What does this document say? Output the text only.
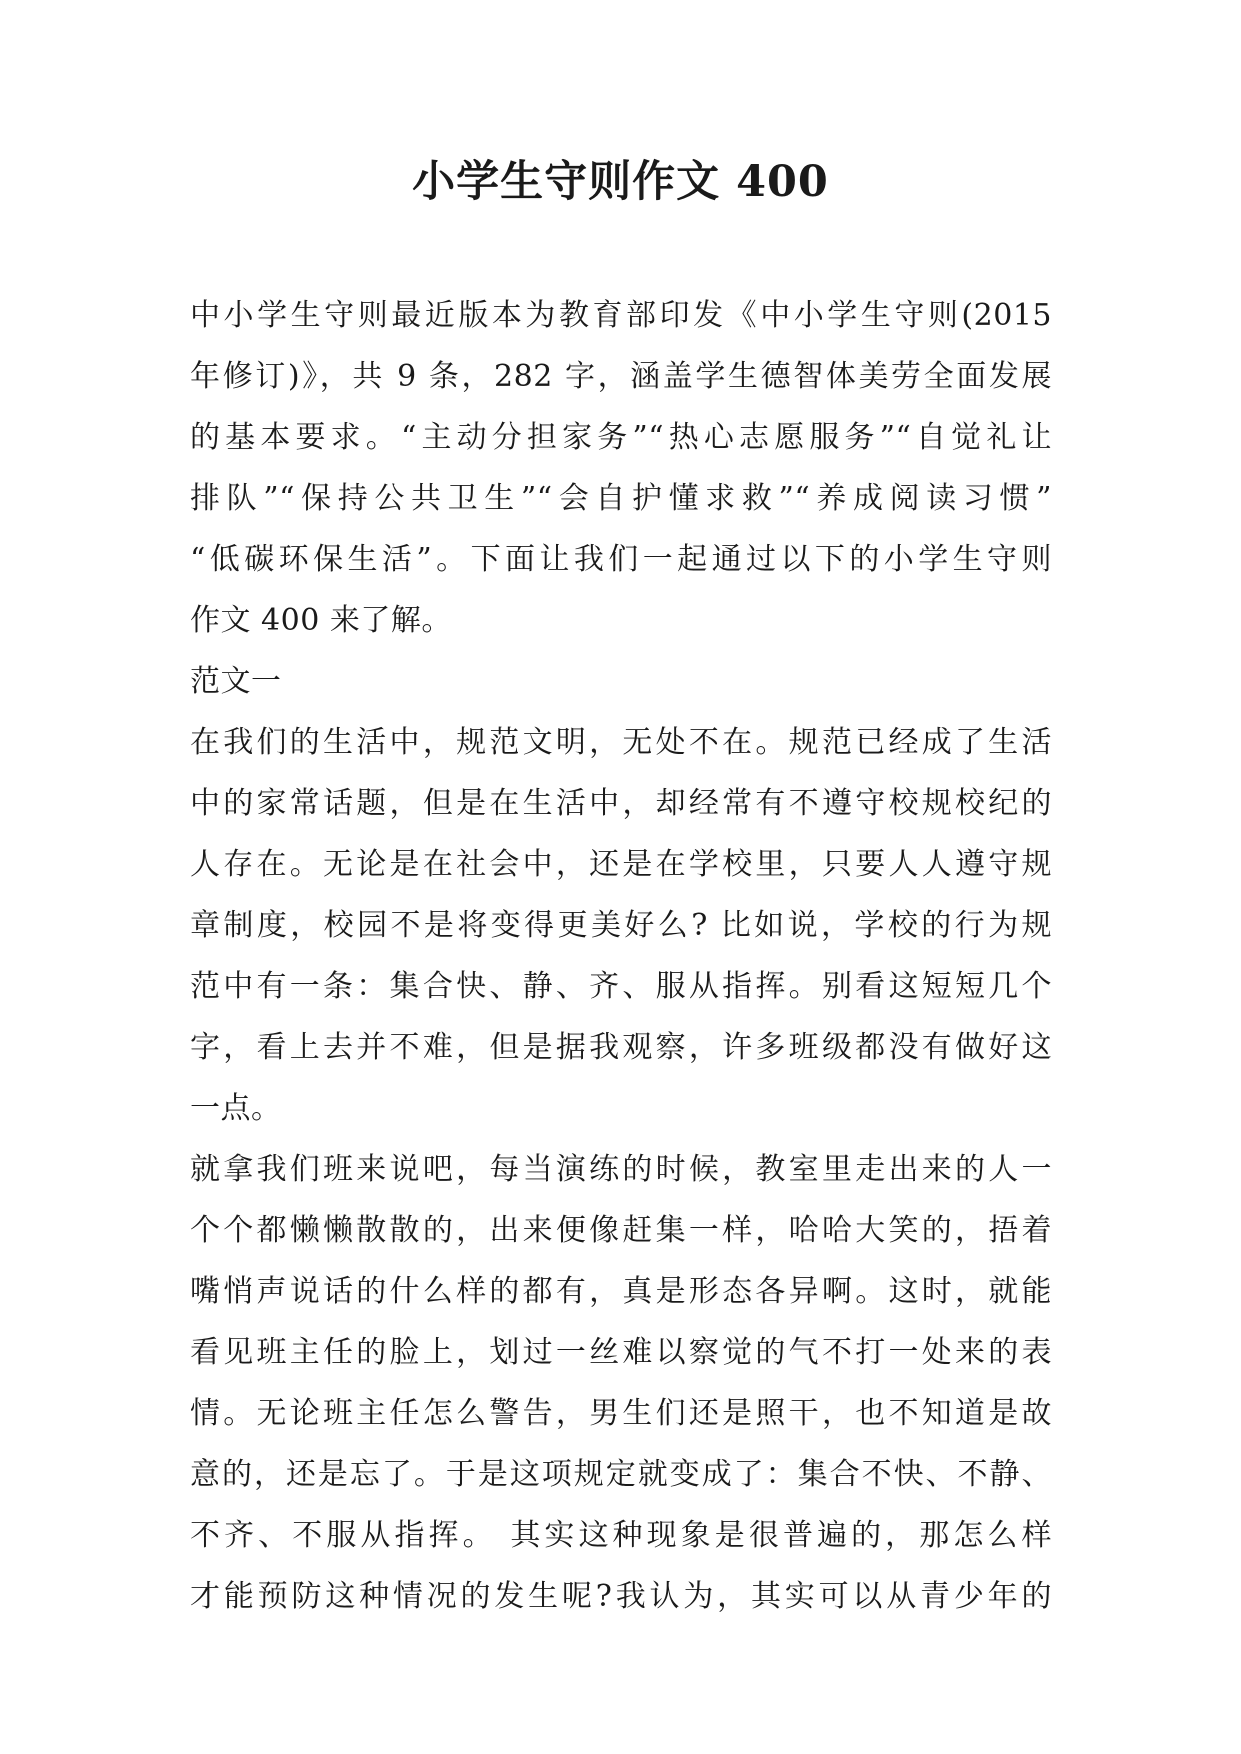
小学生守则作文 400
中小学生守则最近版本为教育部印发《中小学生守则(2015
年修订)》，共 9 条，282 字，涵盖学生德智体美劳全面发展
的基本要求。“主动分担家务”“热心志愿服务”“自觉礼让
排队”“保持公共卫生”“会自护懂求救”“养成阅读习惯”
“低碳环保生活”。下面让我们一起通过以下的小学生守则
作文 400 来了解。
范文一
在我们的生活中，规范文明，无处不在。规范已经成了生活
中的家常话题，但是在生活中，却经常有不遵守校规校纪的
人存在。无论是在社会中，还是在学校里，只要人人遵守规
章制度，校园不是将变得更美好么? 比如说，学校的行为规
范中有一条：集合快、静、齐、服从指挥。别看这短短几个
字，看上去并不难，但是据我观察，许多班级都没有做好这
一点。
就拿我们班来说吧，每当演练的时候，教室里走出来的人一
个个都懒懒散散的，出来便像赶集一样，哈哈大笑的，捂着
嘴悄声说话的什么样的都有，真是形态各异啊。这时，就能
看见班主任的脸上，划过一丝难以察觉的气不打一处来的表
情。无论班主任怎么警告，男生们还是照干，也不知道是故
意的，还是忘了。于是这项规定就变成了：集合不快、不静、
不齐、不服从指挥。 其实这种现象是很普遍的，那怎么样
才能预防这种情况的发生呢?我认为，其实可以从青少年的
